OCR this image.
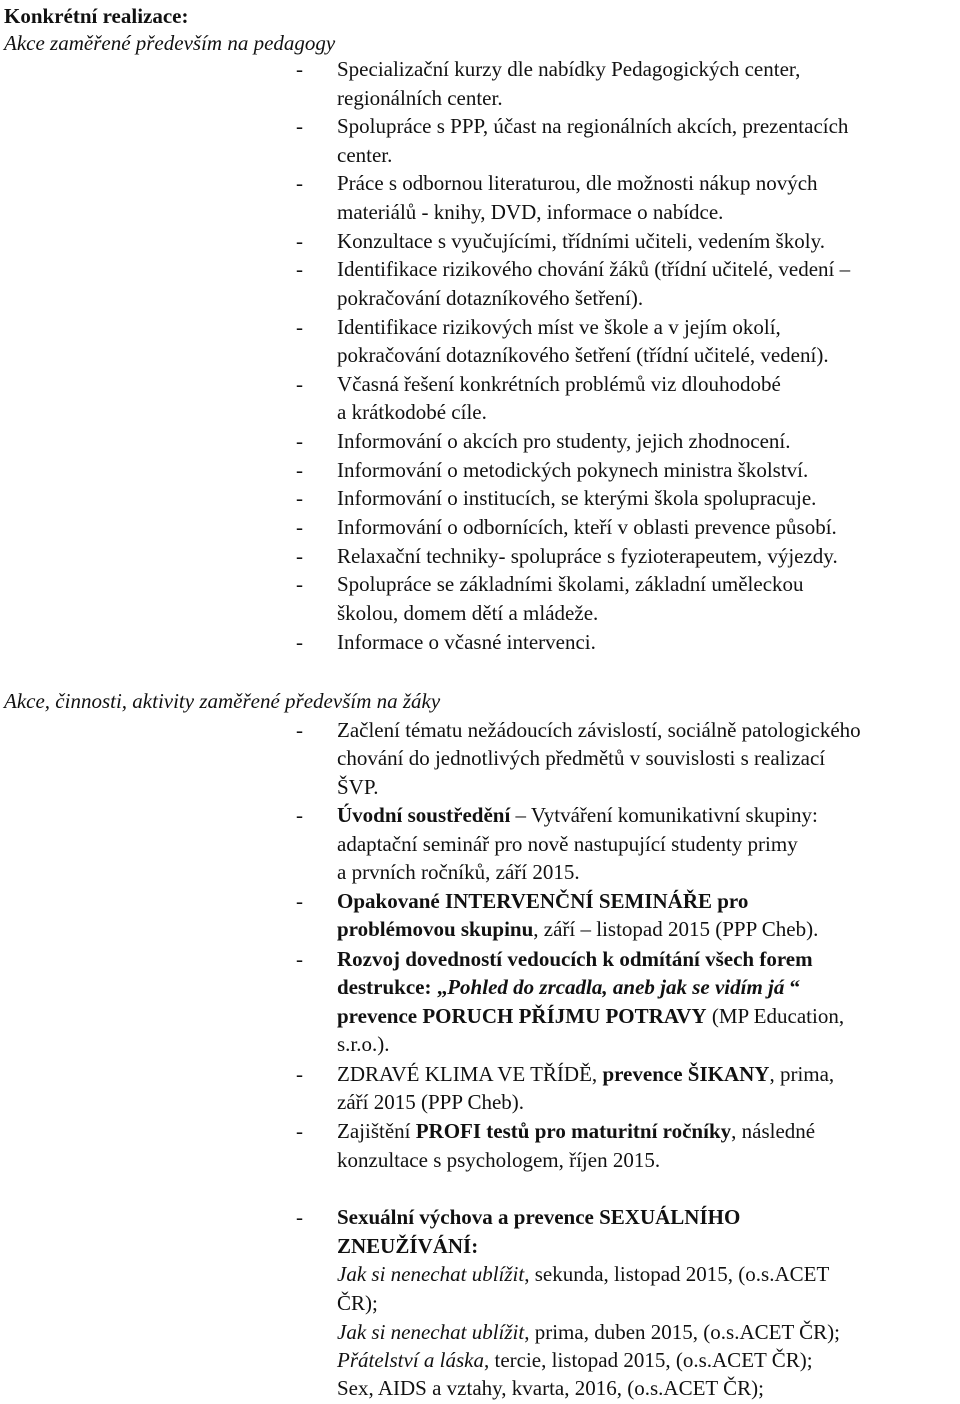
Konkrétní realizace:
Akce zaměřené především na pedagogy
- Specializační kurzy dle nabídky Pedagogických center,
regionálních center.
- Spolupráce s PPP, účast na regionálních akcích, prezentacích
center.
- Práce s odbornou literaturou, dle možnosti nákup nových
materiálů - knihy, DVD, informace o nabídce.
- Konzultace s vyučujícími, třídními učiteli, vedením školy.
- Identifikace rizikového chování žáků (třídní učitelé, vedení –
pokračování dotazníkového šetření).
- Identifikace rizikových míst ve škole a v jejím okolí,
pokračování dotazníkového šetření (třídní učitelé, vedení).
- Včasná řešení konkrétních problémů viz dlouhodobé
a krátkodobé cíle.
- Informování o akcích pro studenty, jejich zhodnocení.
- Informování o metodických pokynech ministra školství.
- Informování o institucích, se kterými škola spolupracuje.
- Informování o odbornících, kteří v oblasti prevence působí.
- Relaxační techniky- spolupráce s fyzioterapeutem, výjezdy.
- Spolupráce se základními školami, základní uměleckou
školou, domem dětí a mládeže.
- Informace o včasné intervenci.
Akce, činnosti, aktivity zaměřené především na žáky
- Začlení tématu nežádoucích závislostí, sociálně patologického
chování do jednotlivých předmětů v souvislosti s realizací
ŠVP.
- Úvodní soustředění – Vytváření komunikativní skupiny:
adaptační seminář pro nově nastupující studenty primy
a prvních ročníků, září 2015.
- Opakované INTERVENČNÍ SEMINÁŘE pro
problémovou skupinu, září – listopad 2015 (PPP Cheb).
- Rozvoj dovedností vedoucích k odmítání všech forem
destrukce: „Pohled do zrcadla, aneb jak se vidím já “
prevence PORUCH PŘÍJMU POTRAVY (MP Education,
s.r.o.).
- ZDRAVÉ KLIMA VE TŘÍDĚ, prevence ŠIKANY, prima,
září 2015 (PPP Cheb).
- Zajištění PROFI testů pro maturitní ročníky, následné
konzultace s psychologem, říjen 2015.
- Sexuální výchova a prevence SEXUÁLNÍHO
ZNEUŽÍVÁNÍ:
Jak si nenechat ublížit, sekunda, listopad 2015, (o.s.ACET
ČR);
Jak si nenechat ublížit, prima, duben 2015, (o.s.ACET ČR);
Přátelství a láska, tercie, listopad 2015, (o.s.ACET ČR);
Sex, AIDS a vztahy, kvarta, 2016, (o.s.ACET ČR);
